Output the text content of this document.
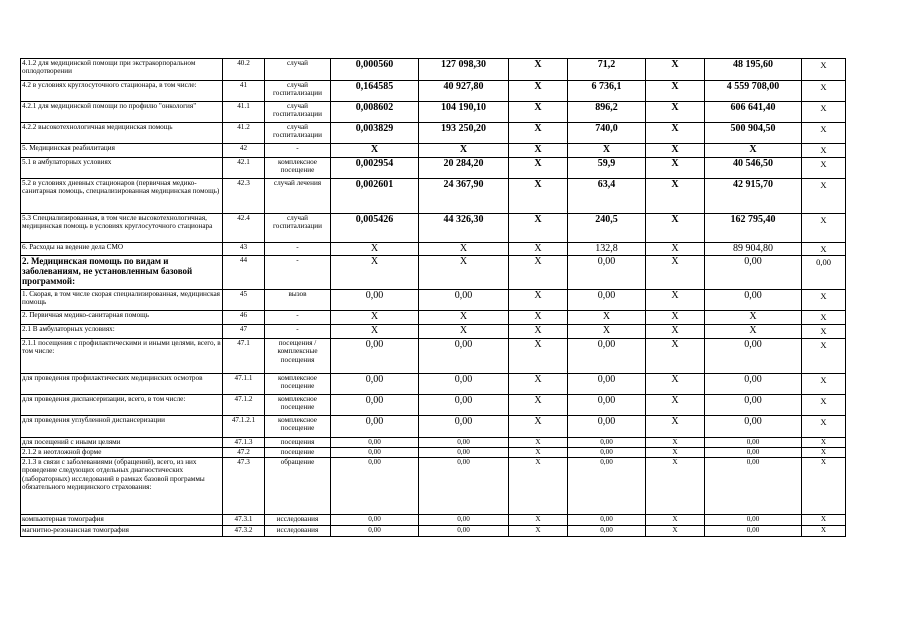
4.1.2 для медицинской помощи при экстракорпоральном оплодотворении	40.2	случай	0,000560	127 098,30	X	71,2	X	48 195,60	X
4.2 в условиях круглосуточного стационара, в том числе:	41	случай госпитализации	0,164585	40 927,80	X	6 736,1	X	4 559 708,00	X
4.2.1 для медицинской помощи по профилю "онкология"	41.1	случай госпитализации	0,008602	104 190,10	X	896,2	X	606 641,40	X
4.2.2 высокотехнологичная медицинская помощь	41.2	случай госпитализации	0,003829	193 250,20	X	740,0	X	500 904,50	X
5. Медицинская реабилитация	42	-	X	X	X	X	X	X	X
5.1 в амбулаторных условиях	42.1	комплексное посещение	0,002954	20 284,20	X	59,9	X	40 546,50	X
5.2 в условиях дневных стационаров (первичная медико-санитарная помощь, специализированная медицинская помощь)	42.3	случай лечения	0,002601	24 367,90	X	63,4	X	42 915,70	X
5.3 Специализированная, в том числе высокотехнологичная, медицинская помощь в условиях круглосуточного стационара	42.4	случай госпитализации	0,005426	44 326,30	X	240,5	X	162 795,40	X
6. Расходы на ведение дела СМО	43	-	X	X	X	132,8	X	89 904,80	X
2. Медицинская помощь по видам и заболеваниям, не установленным базовой программой:	44	-	X	X	X	0,00	X	0,00	0,00
1. Скорая, в том числе скорая специализированная, медицинская помощь	45	вызов	0,00	0,00	X	0,00	X	0,00	X
2. Первичная медико-санитарная помощь	46	-	X	X	X	X	X	X	X
2.1 В амбулаторных условиях:	47	-	X	X	X	X	X	X	X
2.1.1 посещения с профилактическими и иными целями, всего, в том числе:	47.1	посещения / комплексные посещения	0,00	0,00	X	0,00	X	0,00	X
для проведения профилактических медицинских осмотров	47.1.1	комплексное посещение	0,00	0,00	X	0,00	X	0,00	X
для проведения диспансеризации, всего, в том числе:	47.1.2	комплексное посещение	0,00	0,00	X	0,00	X	0,00	X
для проведения углубленной диспансеризации	47.1.2.1	комплексное посещение	0,00	0,00	X	0,00	X	0,00	X
для посещений с иными целями	47.1.3	посещения	0,00	0,00	X	0,00	X	0,00	X
2.1.2 в неотложной форме	47.2	посещение	0,00	0,00	X	0,00	X	0,00	X
2.1.3 в связи с заболеваниями (обращений), всего, из них проведение следующих отдельных диагностических (лабораторных) исследований в рамках базовой программы обязательного медицинского страхования:	47.3	обращение	0,00	0,00	X	0,00	X	0,00	X
компьютерная томография	47.3.1	исследования	0,00	0,00	X	0,00	X	0,00	X
магнитно-резонансная томография	47.3.2	исследования	0,00	0,00	X	0,00	X	0,00	X
